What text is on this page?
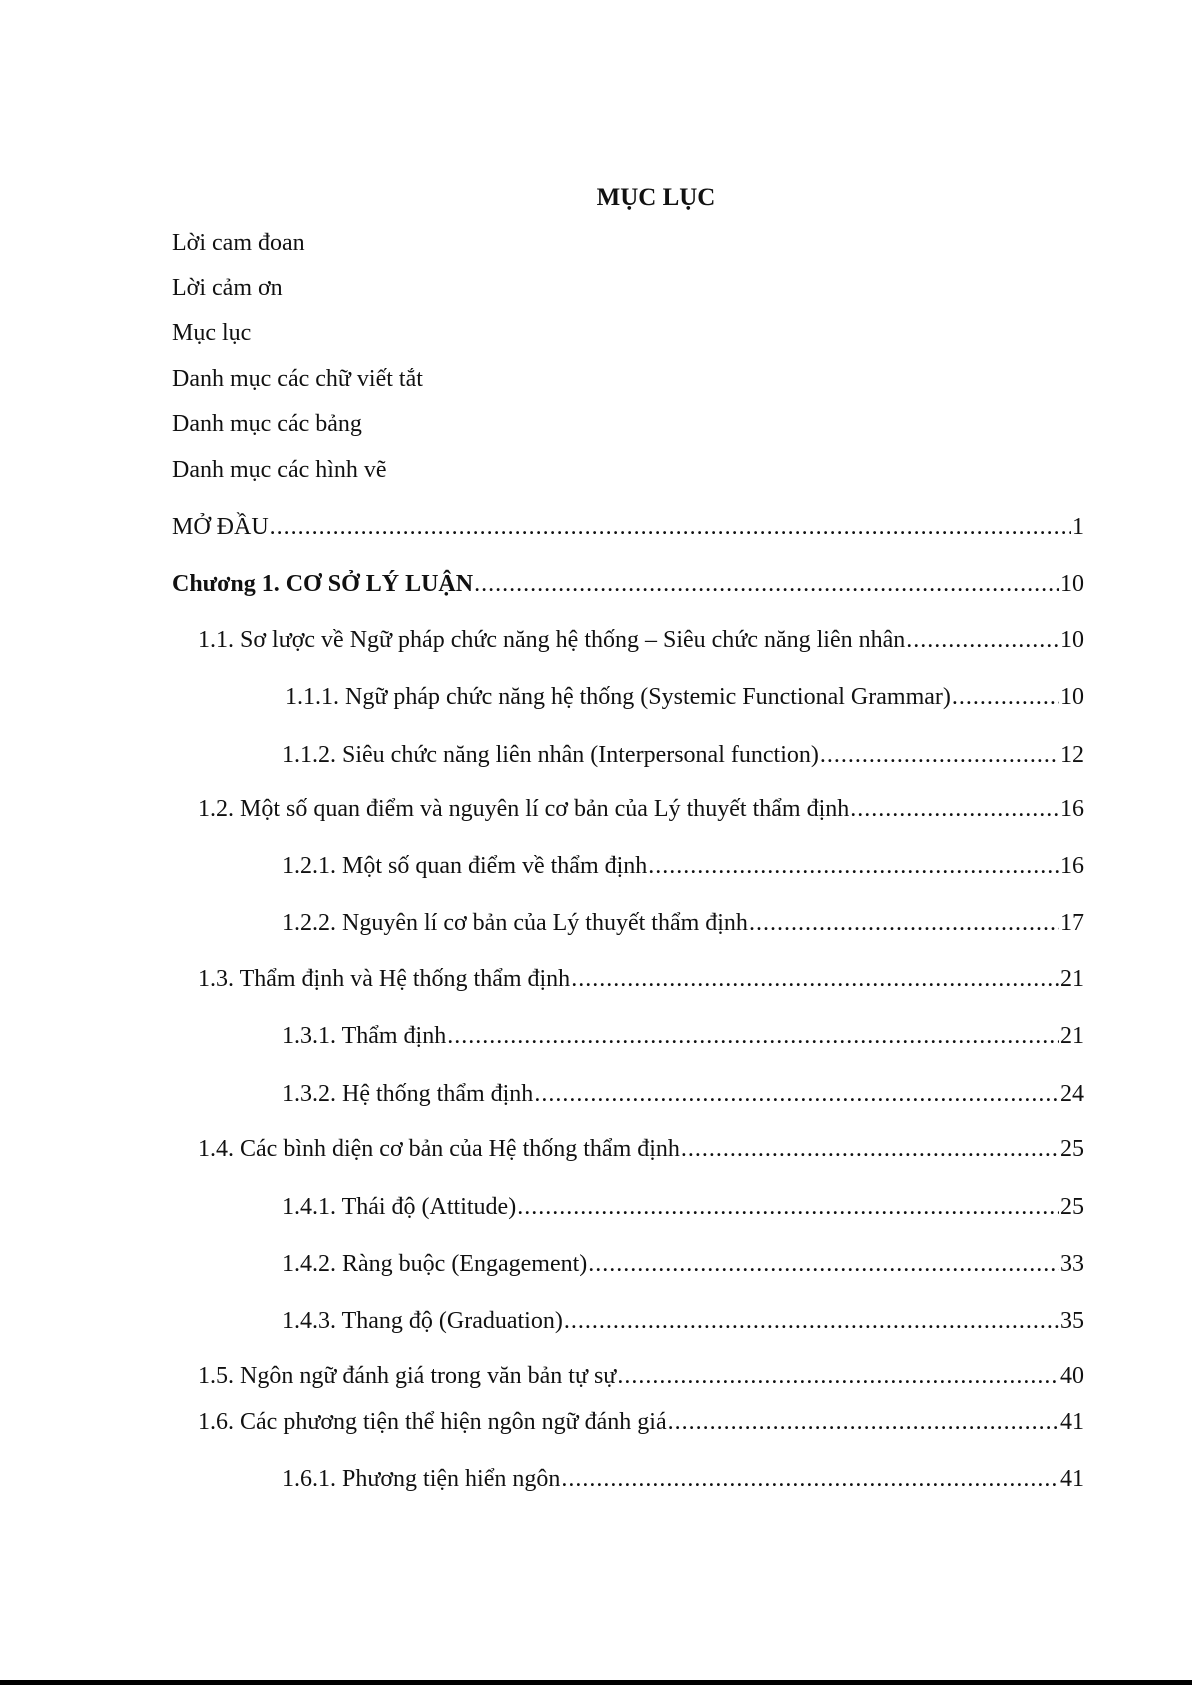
MỤC LỤC
Lời cam đoan
Lời cảm ơn
Mục lục
Danh mục các chữ viết tắt
Danh mục các bảng
Danh mục các hình vẽ
MỞ ĐẦU .....	1
Chương 1. CƠ SỞ LÝ LUẬN .....	10
1.1. Sơ lược về Ngữ pháp chức năng hệ thống – Siêu chức năng liên nhân .....	10
1.1.1. Ngữ pháp chức năng hệ thống (Systemic Functional Grammar) .....	10
1.1.2. Siêu chức năng liên nhân (Interpersonal function) .....	12
1.2. Một số quan điểm và nguyên lí cơ bản của Lý thuyết thẩm định .....	16
1.2.1. Một số quan điểm về thẩm định .....	16
1.2.2. Nguyên lí cơ bản của Lý thuyết thẩm định .....	17
1.3. Thẩm định và Hệ thống thẩm định .....	21
1.3.1. Thẩm định .....	21
1.3.2. Hệ thống thẩm định .....	24
1.4. Các bình diện cơ bản của Hệ thống thẩm định .....	25
1.4.1. Thái độ (Attitude) .....	25
1.4.2. Ràng buộc (Engagement) .....	33
1.4.3. Thang độ (Graduation) .....	35
1.5. Ngôn ngữ đánh giá trong văn bản tự sự .....	40
1.6. Các phương tiện thể hiện ngôn ngữ đánh giá .....	41
1.6.1. Phương tiện hiển ngôn .....	41
